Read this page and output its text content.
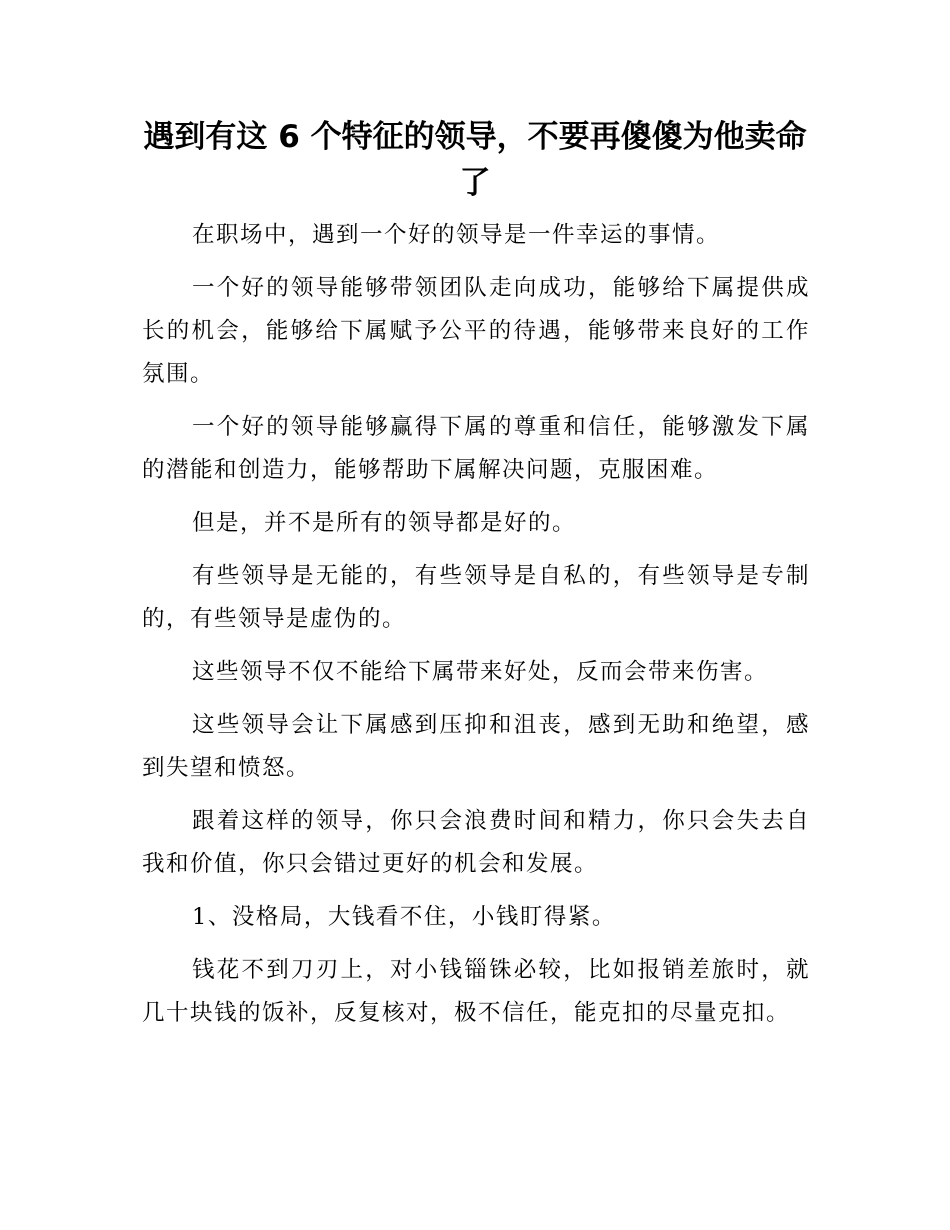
遇到有这 6 个特征的领导，不要再傻傻为他卖命了

在职场中，遇到一个好的领导是一件幸运的事情。

一个好的领导能够带领团队走向成功，能够给下属提供成长的机会，能够给下属赋予公平的待遇，能够带来良好的工作氛围。

一个好的领导能够赢得下属的尊重和信任，能够激发下属的潜能和创造力，能够帮助下属解决问题，克服困难。

但是，并不是所有的领导都是好的。

有些领导是无能的，有些领导是自私的，有些领导是专制的，有些领导是虚伪的。

这些领导不仅不能给下属带来好处，反而会带来伤害。

这些领导会让下属感到压抑和沮丧，感到无助和绝望，感到失望和愤怒。

跟着这样的领导，你只会浪费时间和精力，你只会失去自我和价值，你只会错过更好的机会和发展。

1、没格局，大钱看不住，小钱盯得紧。

钱花不到刀刃上，对小钱锱铢必较，比如报销差旅时，就几十块钱的饭补，反复核对，极不信任，能克扣的尽量克扣。
